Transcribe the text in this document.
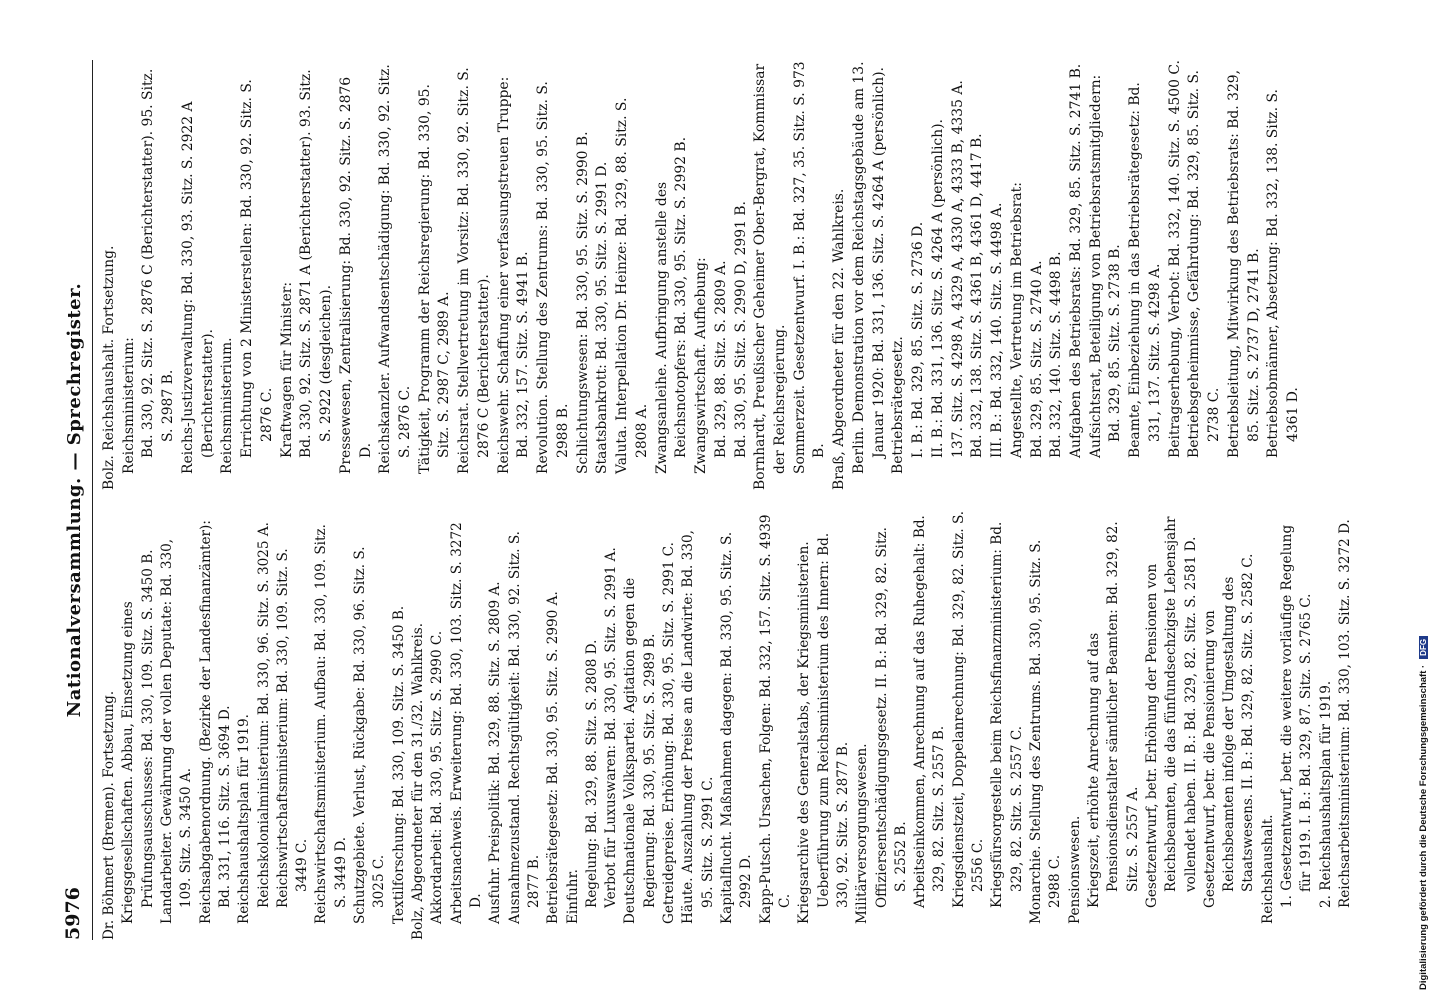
5976
Nationalversammlung. — Sprechregister.

Dr. Böhmert (Bremen). Fortsetzung. Kriegsgesellschaften. Abbau, Einsetzung eines Prüfungsausschusses: Bd. 330, 109. Sitz. S. 3450 B. Landarbeiter. Gewährung der vollen Deputate: Bd. 330, 109. Sitz. S. 3450 A. Reichsabgabenordnung. (Bezirke der Landesfinanzämter): Bd. 331, 116. Sitz. S. 3694 D. Reichshaushaltsplan für 1919. Reichskolonialministerium: Bd. 330, 96. Sitz. S. 3025 A. Reichswirtschaftsministerium: Bd. 330, 109. Sitz. S. 3449 C. Reichswirtschaftsministerium. Aufbau: Bd. 330, 109. Sitz. S. 3449 D. Schutzgebiete. Verlust, Rückgabe: Bd. 330, 96. Sitz. S. 3025 C. Textilforschung: Bd. 330, 109. Sitz. S. 3450 B. Bolz, Abgeordneter für den 31./32. Wahlkreis. Akkordarbeit: Bd. 330, 95. Sitz. S. 2990 C. Arbeitsnachweis. Erweiterung: Bd. 330, 103. Sitz. S. 3272 D. Ausfuhr. Preispolitik: Bd. 329, 88. Sitz. S. 2809 A. Ausnahmezustand. Rechtsgültigkeit: Bd. 330, 92. Sitz. S. 2877 B. Betriebsrätegesetz: Bd. 330, 95. Sitz. S. 2990 A. Einfuhr. Regelung: Bd. 329, 88. Sitz. S. 2808 D. Verbot für Luxuswaren: Bd. 330, 95. Sitz. S. 2991 A. Deutschnationale Volkspartei. Agitation gegen die Regierung: Bd. 330, 95. Sitz. S. 2989 B. Getreidepreise. Erhöhung: Bd. 330, 95. Sitz. S. 2991 C. Häute. Auszahlung der Preise an die Landwirte: Bd. 330, 95. Sitz. S. 2991 C. Kapitalflucht. Maßnahmen dagegen: Bd. 330, 95. Sitz. S. 2992 D. Kapp-Putsch. Ursachen, Folgen: Bd. 332, 157. Sitz. S. 4939 C. Kriegsarchive des Generalstabs, der Kriegsministerien. Ueberführung zum Reichsministerium des Innern: Bd. 330, 92. Sitz. S. 2877 B. Militärversorgungswesen. Offiziersentschädigungsgesetz. II. B.: Bd. 329, 82. Sitz. S. 2552 B. Arbeitseinkommen, Anrechnung auf das Ruhegehalt: Bd. 329, 82. Sitz. S. 2557 B. Kriegsdienstzeit, Doppelanrechnung: Bd. 329, 82. Sitz. S. 2556 C. Kriegsfürsorgestelle beim Reichsfinanzministerium: Bd. 329, 82. Sitz. S. 2557 C. Monarchie. Stellung des Zentrums. Bd. 330, 95. Sitz. S. 2988 C. Pensionswesen. Kriegszeit, erhöhte Anrechnung auf das Pensionsdienstalter sämtlicher Beamten: Bd. 329, 82. Sitz. S. 2557 A. Gesetzentwurf, betr. Erhöhung der Pensionen von Reichsbeamten, die das fünfundsechzigste Lebensjahr vollendet haben. II. B.: Bd. 329, 82. Sitz. S. 2581 D. Gesetzentwurf, betr. die Pensionierung von Reichsbeamten infolge der Umgestaltung des Staatswesens. II. B.: Bd. 329, 82. Sitz. S. 2582 C. Reichshaushalt. 1. Gesetzentwurf, betr. die weitere vorläufige Regelung für 1919. I. B.: Bd. 329, 87. Sitz. S. 2765 C. 2. Reichshaushaltsplan für 1919. Reichsarbeitsministerium: Bd. 330, 103. Sitz. S. 3272 D.

Bolz. Reichshaushalt. Fortsetzung. Reichsministerium: Bd. 330, 92. Sitz. S. 2876 C (Berichterstatter). 95. Sitz. S. 2987 B. Reichs-Justizverwaltung: Bd. 330, 93. Sitz. S. 2922 A (Berichterstatter). Reichsministerium. Errichtung von 2 Ministerstellen: Bd. 330, 92. Sitz. S. 2876 C. Kraftwagen für Minister: Bd. 330, 92. Sitz. S. 2871 A (Berichterstatter). 93. Sitz. S. 2922 (desgleichen). Pressewesen, Zentralisierung: Bd. 330, 92. Sitz. S. 2876 D. Reichskanzler. Aufwandsentschädigung: Bd. 330, 92. Sitz. S. 2876 C. Tätigkeit, Programm der Reichsregierung: Bd. 330, 95. Sitz. S. 2987 C, 2989 A. Reichsrat. Stellvertretung im Vorsitz: Bd. 330, 92. Sitz. S. 2876 C (Berichterstatter). Reichswehr. Schaffung einer verfassungstreuen Truppe: Bd. 332, 157. Sitz. S. 4941 B. Revolution. Stellung des Zentrums: Bd. 330, 95. Sitz. S. 2988 B. Schlichtungswesen: Bd. 330, 95. Sitz. S. 2990 B. Staatsbankrott: Bd. 330, 95. Sitz. S. 2991 D. Valuta. Interpellation Dr. Heinze: Bd. 329, 88. Sitz. S. 2808 A. Zwangsanleihe. Aufbringung anstelle des Reichsnotopfers: Bd. 330, 95. Sitz. S. 2992 B. Zwangswirtschaft. Aufhebung: Bd. 329, 88. Sitz. S. 2809 A. Bd. 330, 95. Sitz. S. 2990 D, 2991 B. Bornhardt, Preußischer Geheimer Ober-Bergrat, Kommissar der Reichsregierung. Sommerzeit. Gesetzentwurf. I. B.: Bd. 327, 35. Sitz. S. 973 B. Braß, Abgeordneter für den 22. Wahlkreis. Berlin. Demonstration vor dem Reichstagsgebäude am 13. Januar 1920: Bd. 331, 136. Sitz. S. 4264 A (persönlich). Betriebsrätegesetz. I. B.: Bd. 329, 85. Sitz. S. 2736 D. II. B.: Bd. 331, 136. Sitz. S. 4264 A (persönlich). 137. Sitz. S. 4298 A, 4329 A, 4330 A, 4333 B, 4335 A. Bd. 332, 138. Sitz. S. 4361 B, 4361 D, 4417 B. III. B.: Bd. 332, 140. Sitz. S. 4498 A. Angestellte, Vertretung im Betriebsrat: Bd. 329, 85. Sitz. S. 2740 A. Bd. 332, 140. Sitz. S. 4498 B. Aufgaben des Betriebsrats: Bd. 329, 85. Sitz. S. 2741 B. Aufsichtsrat, Beteiligung von Betriebsratsmitgliedern: Bd. 329, 85. Sitz. S. 2738 B. Beamte, Einbeziehung in das Betriebsrätegesetz: Bd. 331, 137. Sitz. S. 4298 A. Beitragserhebung, Verbot: Bd. 332, 140. Sitz. S. 4500 C. Betriebsgeheimnisse, Gefährdung: Bd. 329, 85. Sitz. S. 2738 C. Betriebsleitung, Mitwirkung des Betriebsrats: Bd. 329, 85. Sitz. S. 2737 D, 2741 B. Betriebsobmänner, Absetzung: Bd. 332, 138. Sitz. S. 4361 D.

Digitalisierung gefördert durch die Deutsche Forschungsgemeinschaft ·DFG
